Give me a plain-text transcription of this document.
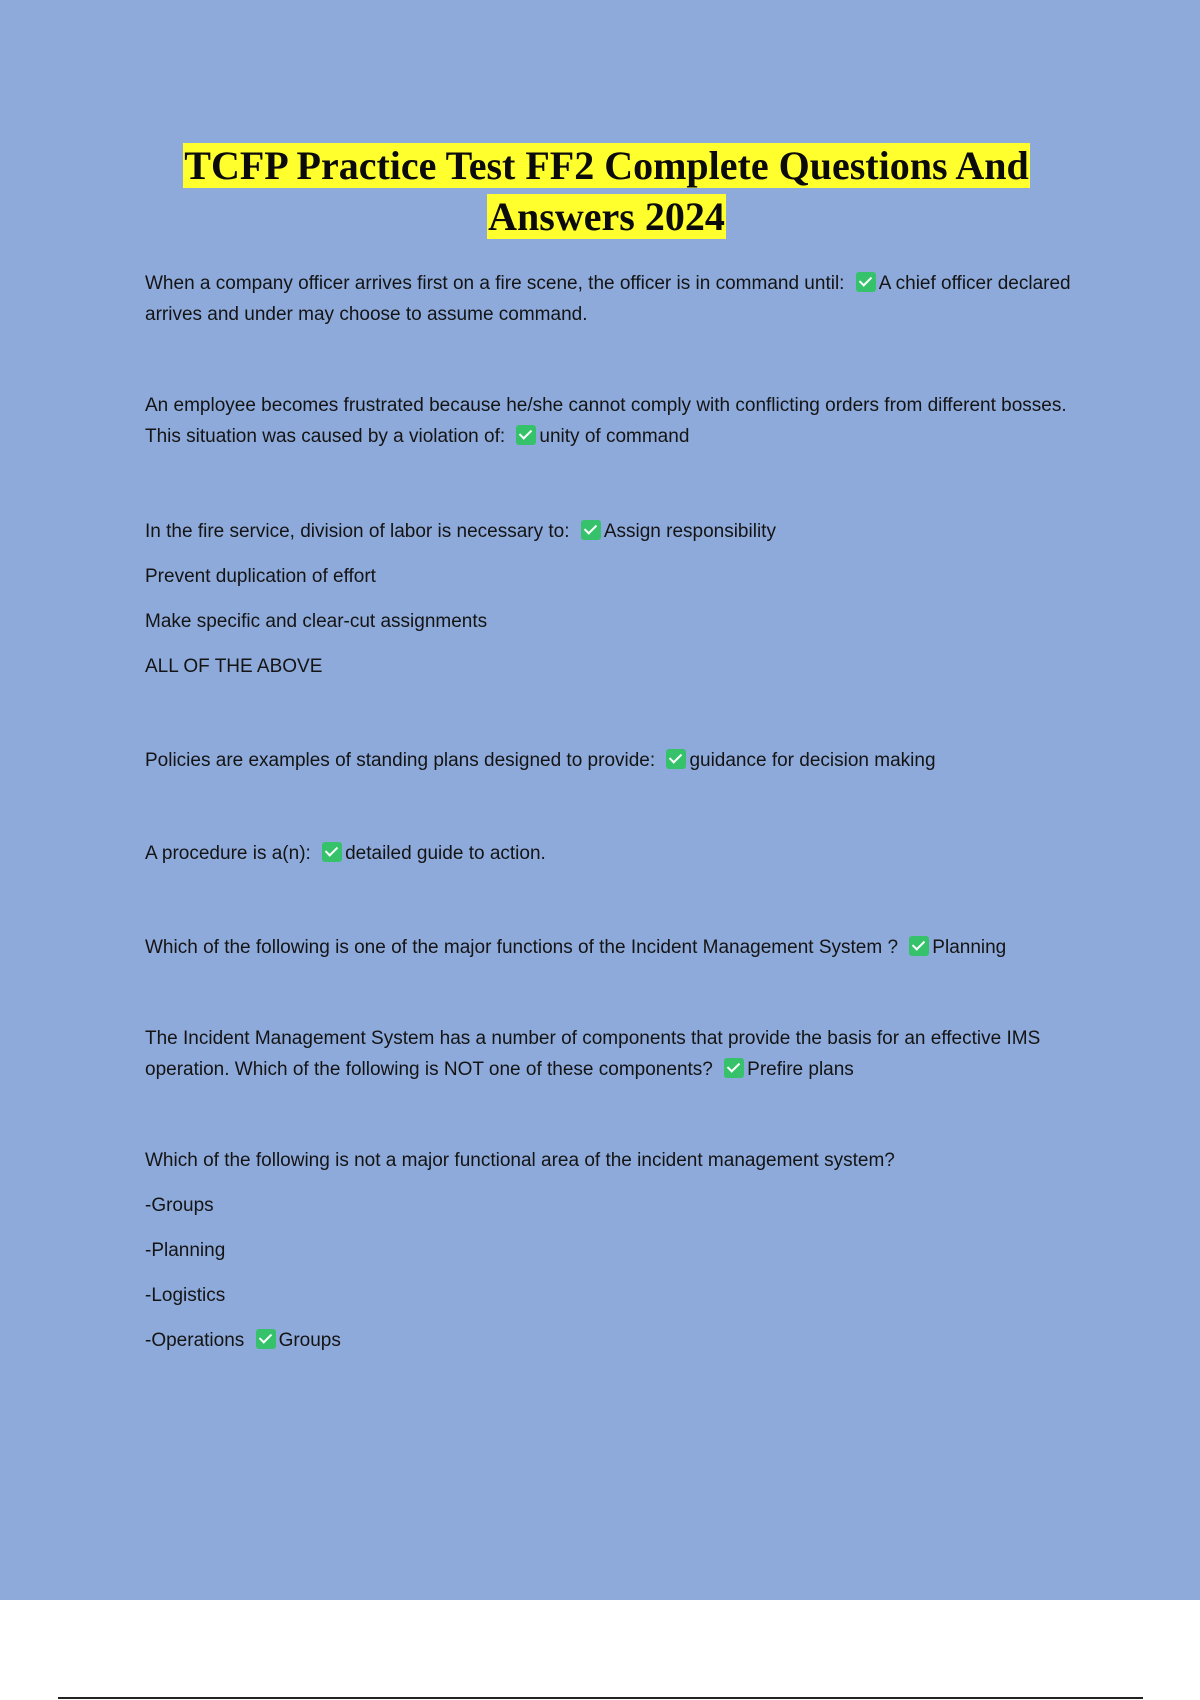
TCFP Practice Test FF2 Complete Questions And
Answers 2024
When a company officer arrives first on a fire scene, the officer is in command until: A chief officer declared arrives and under may choose to assume command.
An employee becomes frustrated because he/she cannot comply with conflicting orders from different bosses. This situation was caused by a violation of: unity of command
In the fire service, division of labor is necessary to: Assign responsibility
Prevent duplication of effort
Make specific and clear-cut assignments
ALL OF THE ABOVE
Policies are examples of standing plans designed to provide: guidance for decision making
A procedure is a(n): detailed guide to action.
Which of the following is one of the major functions of the Incident Management System ? Planning
The Incident Management System has a number of components that provide the basis for an effective IMS operation. Which of the following is NOT one of these components? Prefire plans
Which of the following is not a major functional area of the incident management system?
-Groups
-Planning
-Logistics
-Operations Groups
